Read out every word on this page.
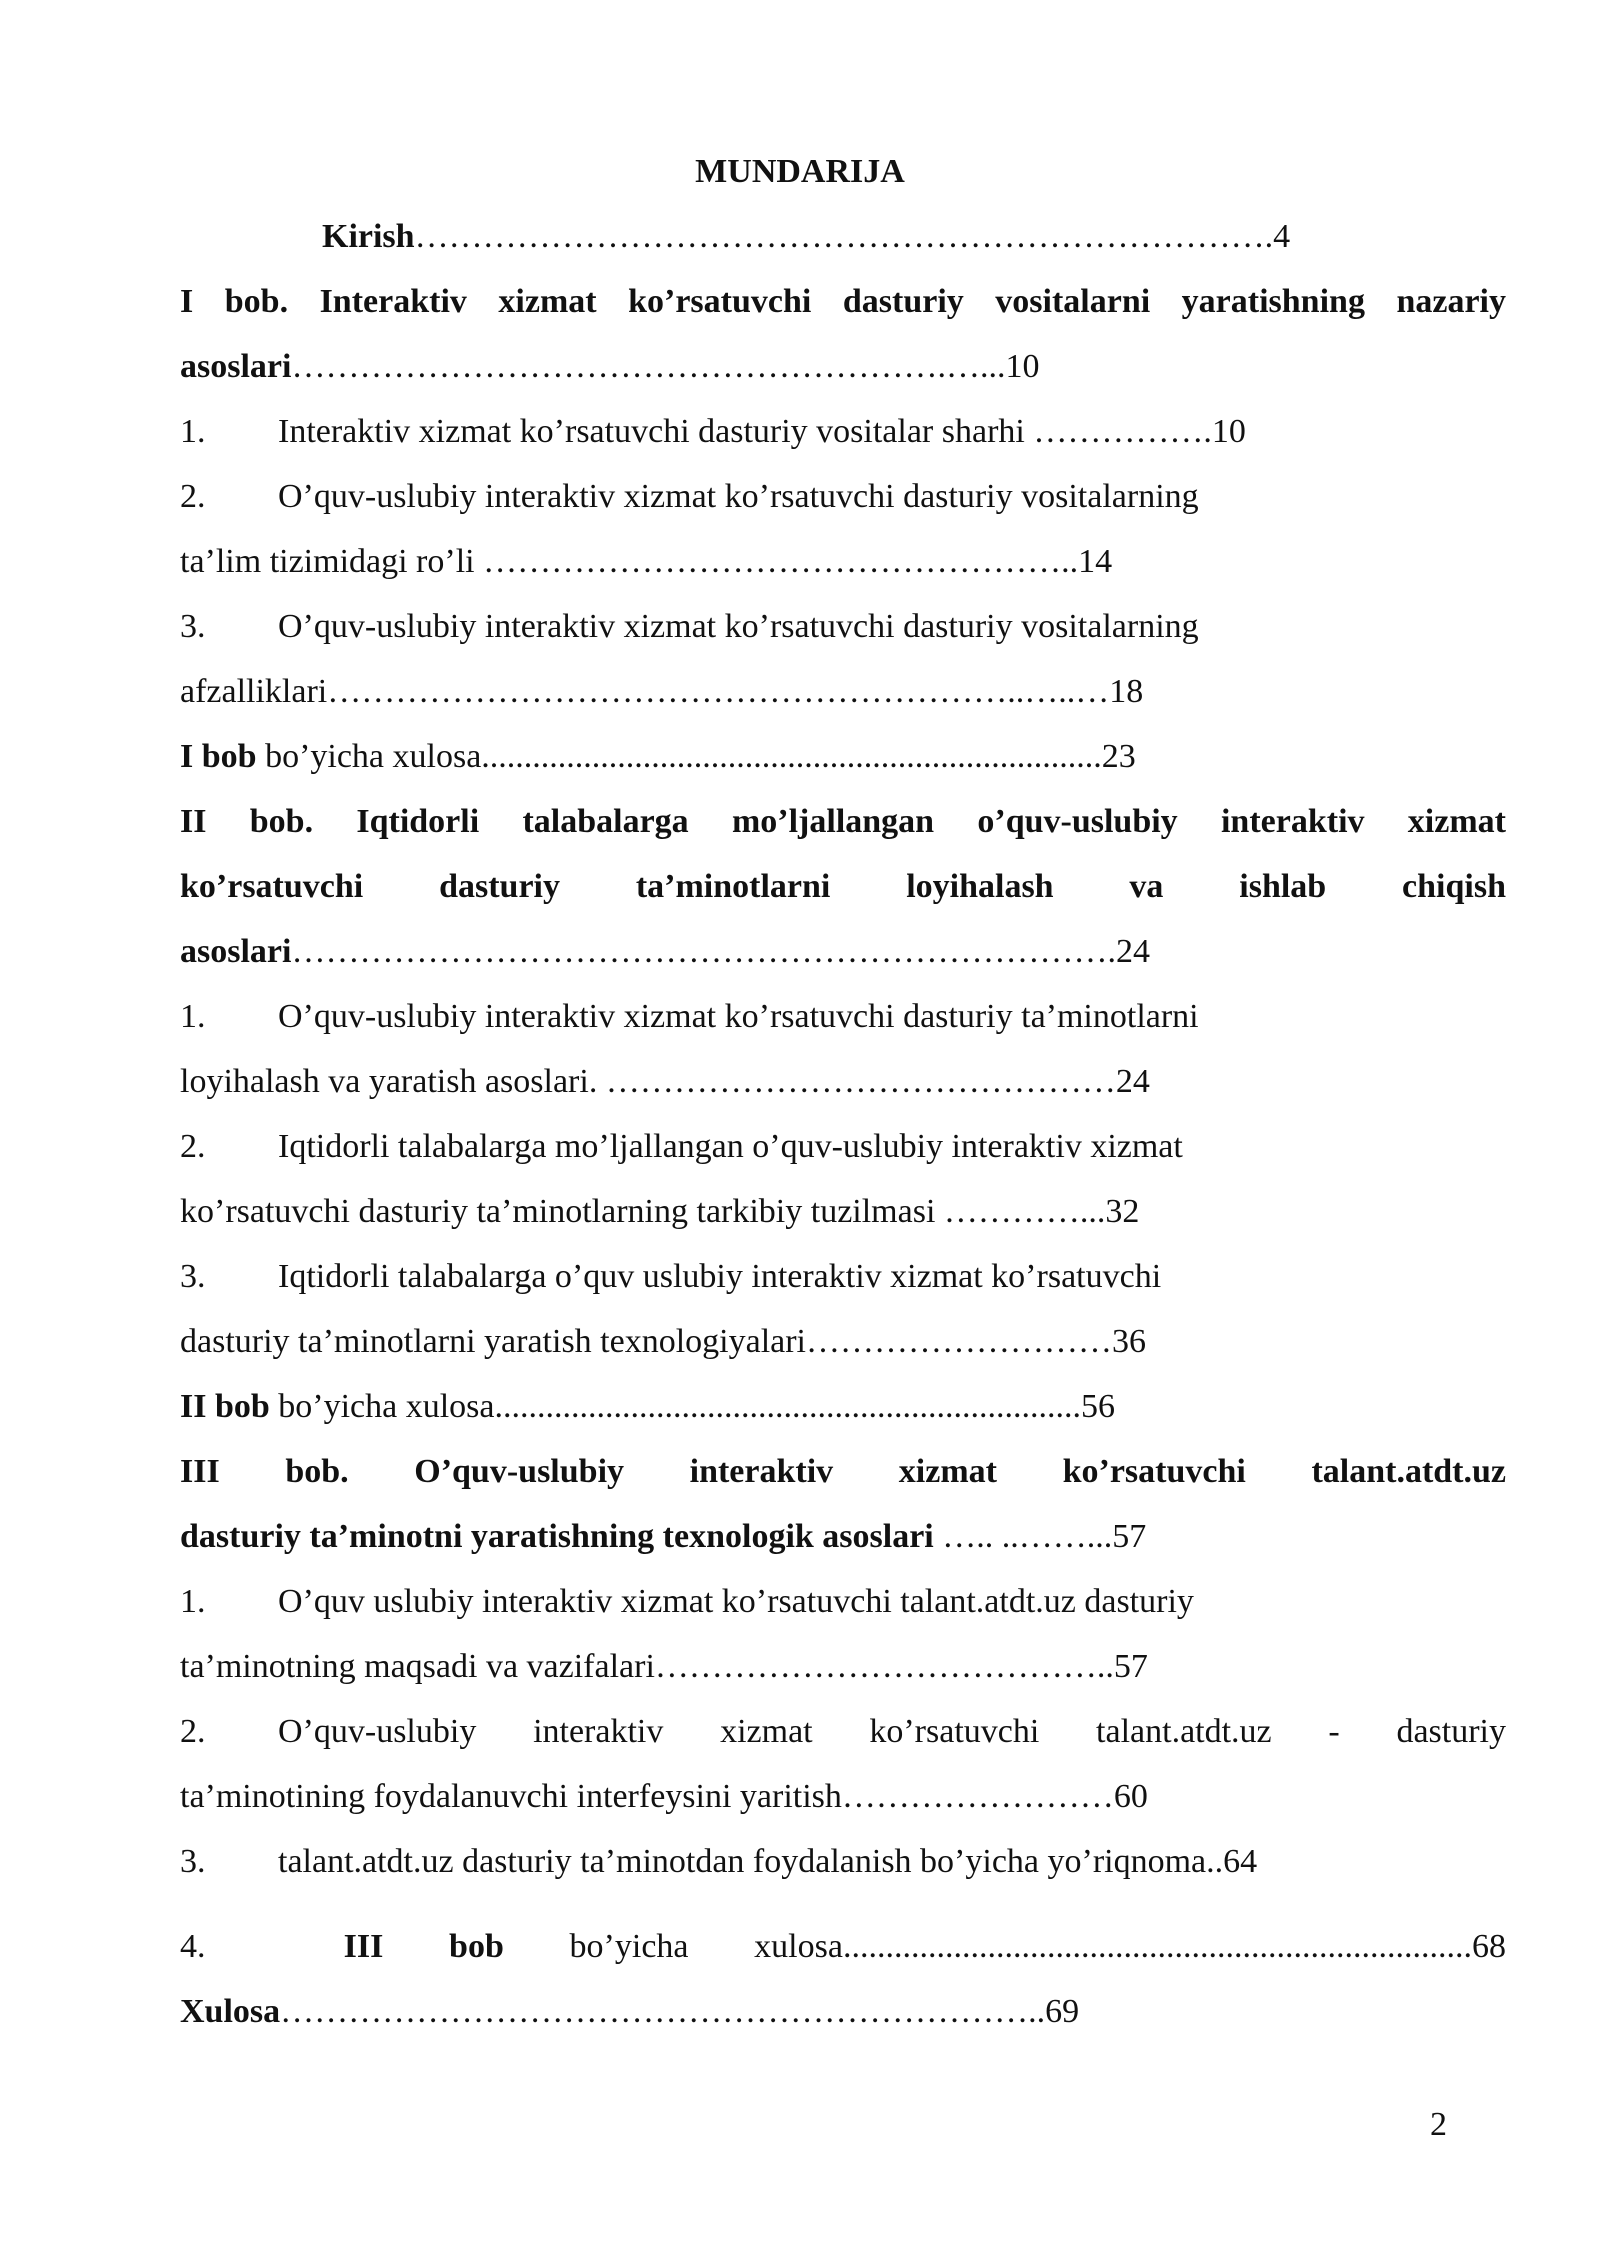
MUNDARIJA
Kirish………………………………………………………………….4
I bob. Interaktiv xizmat ko’rsatuvchi dasturiy vositalarni yaratishning nazariy
asoslari………………………………………………….…...10
1. Interaktiv xizmat ko’rsatuvchi dasturiy vositalar sharhi …………….10
2. O’quv-uslubiy interaktiv xizmat ko’rsatuvchi dasturiy vositalarning
ta’lim tizimidagi ro’li ……………………………………………..14
3. O’quv-uslubiy interaktiv xizmat ko’rsatuvchi dasturiy vositalarning
afzalliklari……………………………………………………..…..…18
I bob bo’yicha xulosa.........................................................................23
II bob. Iqtidorli talabalarga mo’ljallangan o’quv-uslubiy interaktiv xizmat
ko’rsatuvchi dasturiy ta’minotlarni loyihalash va ishlab chiqish
asoslari……………………………………………………………….24
1. O’quv-uslubiy interaktiv xizmat ko’rsatuvchi dasturiy ta’minotlarni
loyihalash va yaratish asoslari. ………………………………………24
2. Iqtidorli talabalarga mo’ljallangan o’quv-uslubiy interaktiv xizmat
ko’rsatuvchi dasturiy ta’minotlarning tarkibiy tuzilmasi …………...32
3. Iqtidorli talabalarga o’quv uslubiy interaktiv xizmat ko’rsatuvchi
dasturiy ta’minotlarni yaratish texnologiyalari………………………36
II bob bo’yicha xulosa.....................................................................56
III bob. O’quv-uslubiy interaktiv xizmat ko’rsatuvchi talant.atdt.uz
dasturiy ta’minotni yaratishning texnologik asoslari ….. ..……...57
1. O’quv uslubiy interaktiv xizmat ko’rsatuvchi talant.atdt.uz dasturiy
ta’minotning maqsadi va vazifalari…………………………………..57
2.	O’quv-uslubiy interaktiv xizmat ko’rsatuvchi talant.atdt.uz - dasturiy
ta’minotining foydalanuvchi interfeysini yaritish……………………60
3. talant.atdt.uz dasturiy ta’minotdan foydalanish bo’yicha yo’riqnoma..64
4.	III bob bo’yicha xulosa..........................................................................68
Xulosa…………………………………………………………..69
2
